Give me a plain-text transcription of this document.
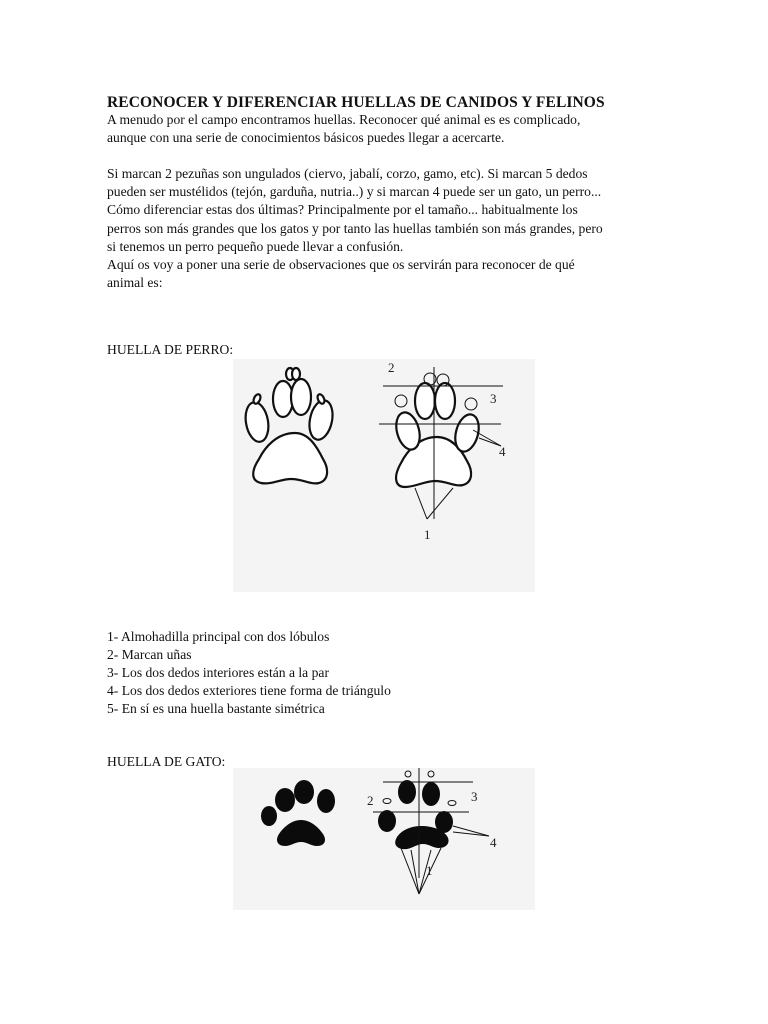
RECONOCER Y DIFERENCIAR HUELLAS DE CANIDOS Y FELINOS
A menudo por el campo encontramos huellas. Reconocer qué animal es es complicado,
aunque con una serie de conocimientos básicos puedes llegar a acercarte.
Si marcan 2 pezuñas son ungulados (ciervo, jabalí, corzo, gamo, etc). Si marcan 5 dedos
pueden ser mustélidos (tejón, garduña, nutria..) y si marcan 4 puede ser un gato, un perro...
Cómo diferenciar estas dos últimas? Principalmente por el tamaño... habitualmente los
perros son más grandes que los gatos y por tanto las huellas también son más grandes, pero
si tenemos un perro pequeño puede llevar a confusión.
Aquí os voy a poner una serie de observaciones que os servirán para reconocer de qué
animal es:
HUELLA DE PERRO:
2
3
4
1
1- Almohadilla principal con dos lóbulos
2- Marcan uñas
3- Los dos dedos interiores están a la par
4- Los dos dedos exteriores tiene forma de triángulo
5- En sí es una huella bastante simétrica
HUELLA DE GATO:
2	3
4
1
